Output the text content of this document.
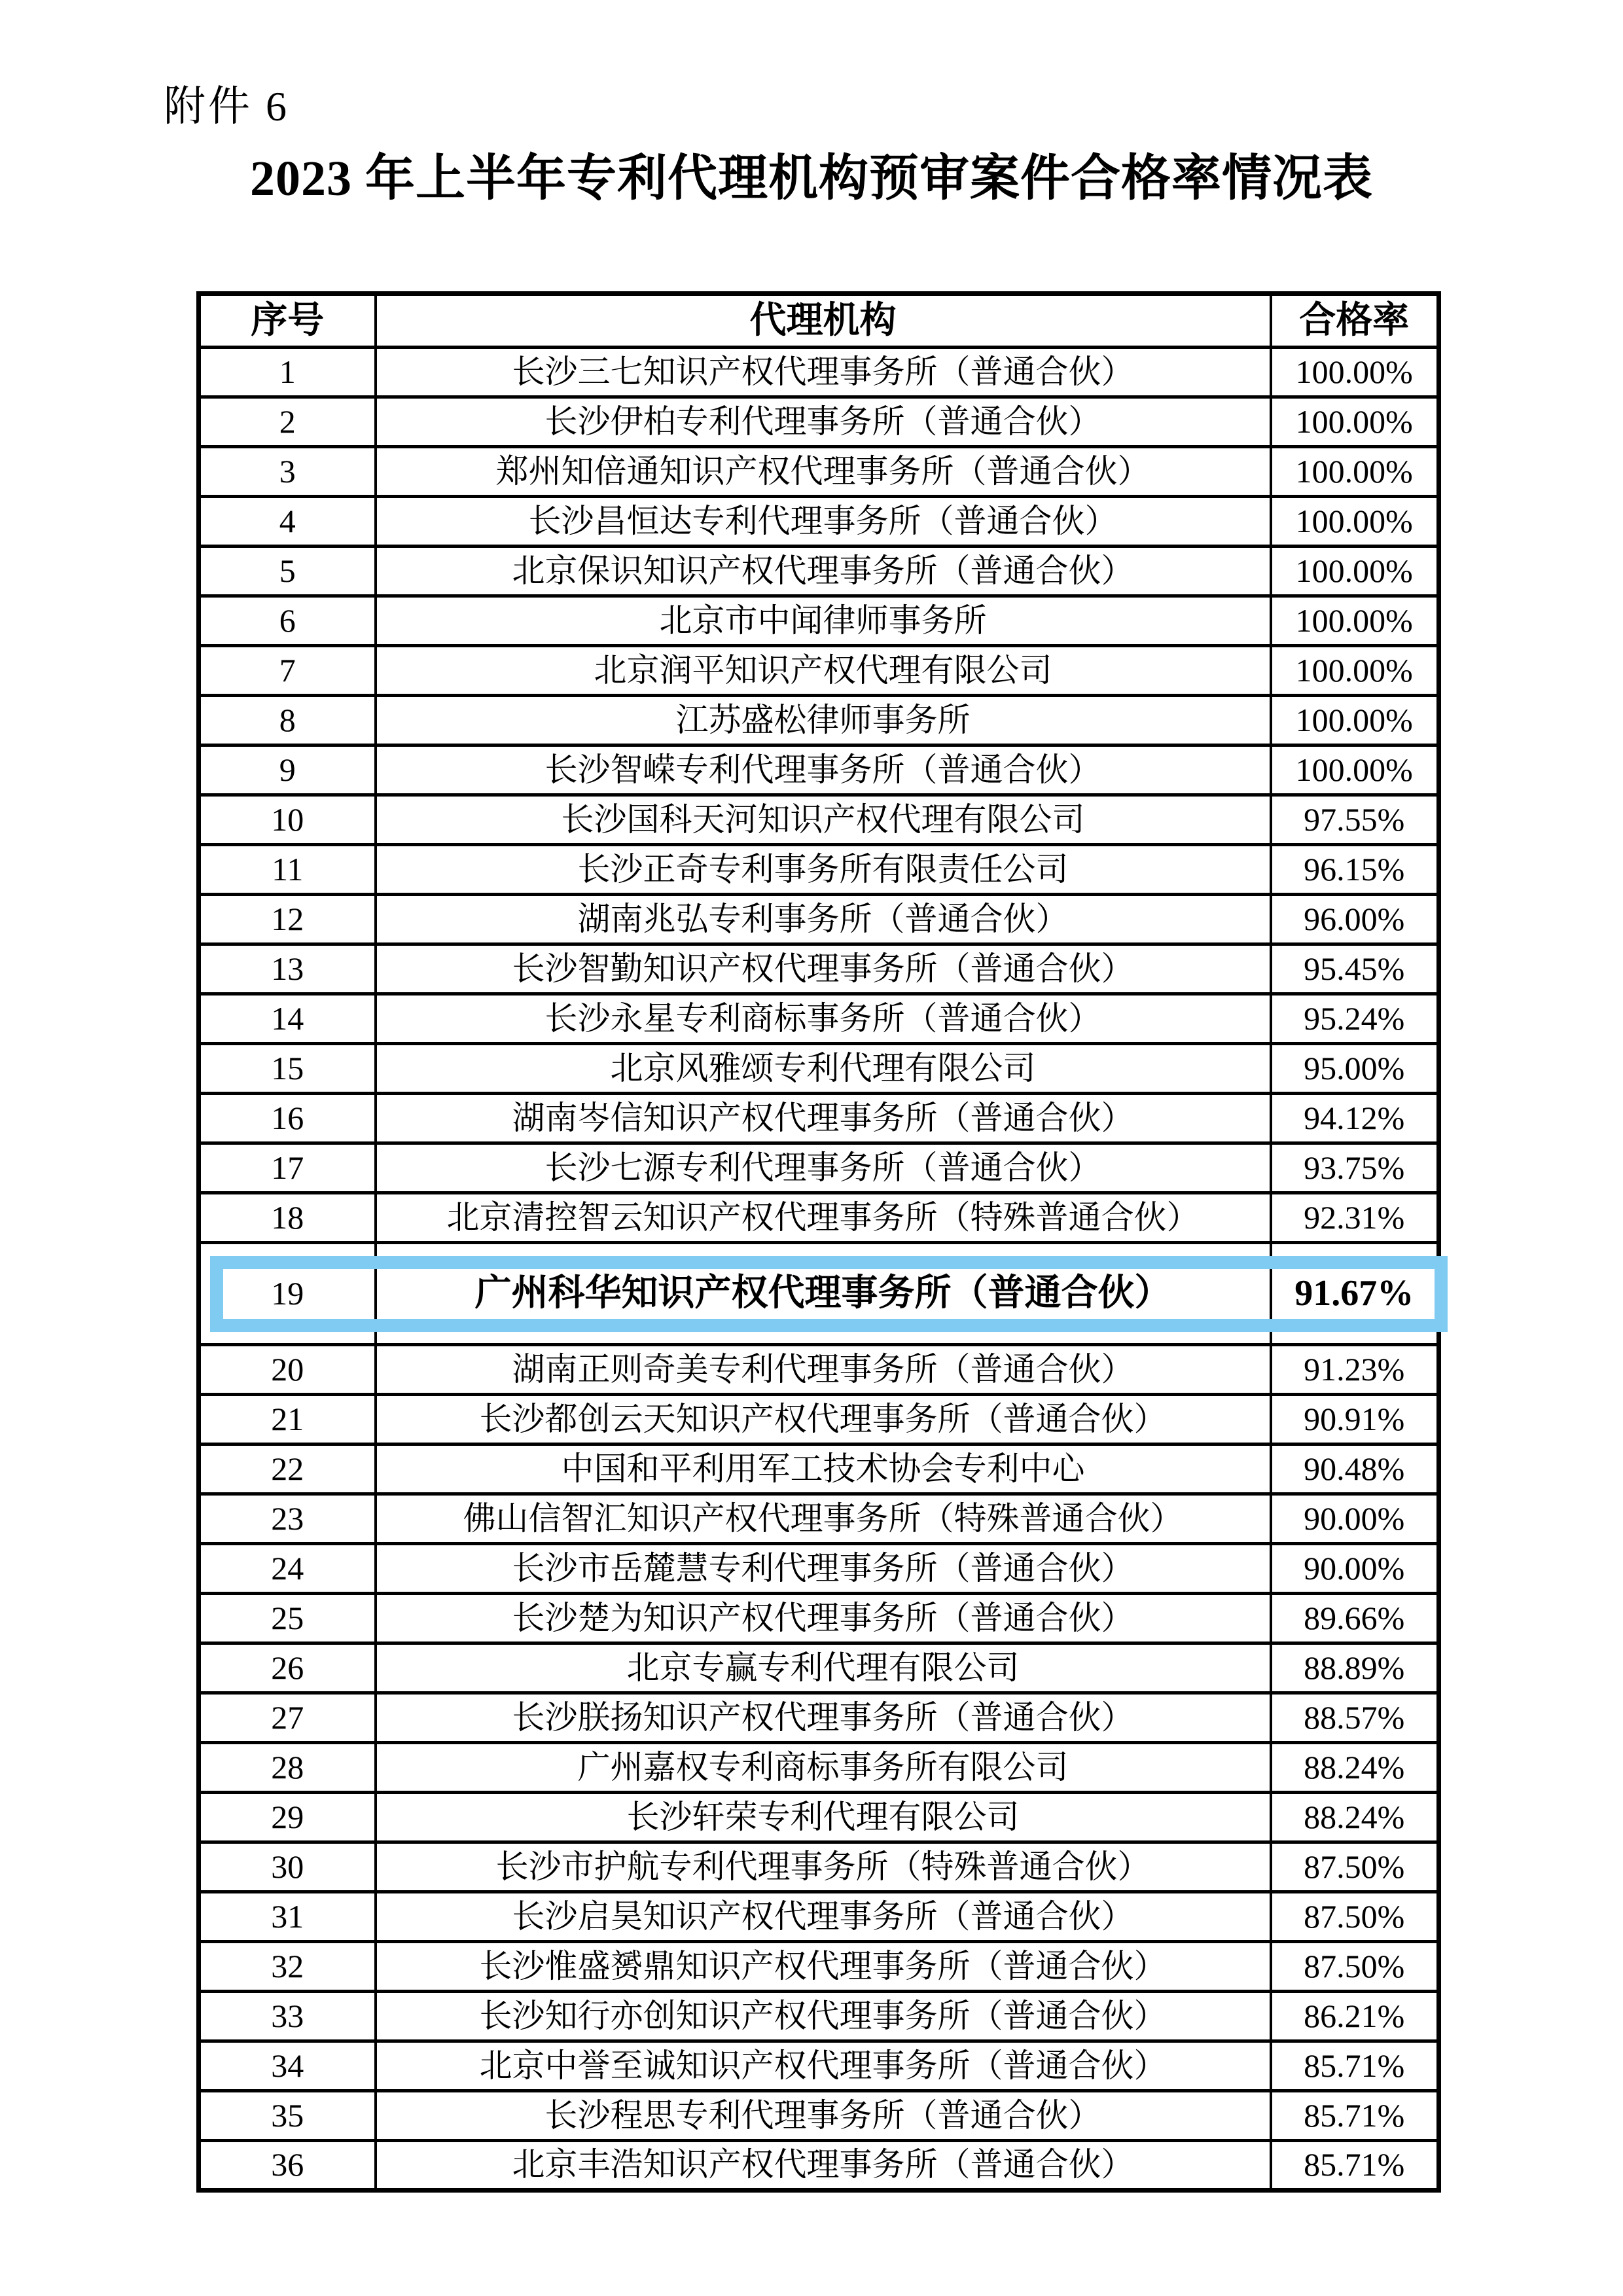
附件 6
2023 年上半年专利代理机构预审案件合格率情况表
序号	代理机构	合格率
1	长沙三七知识产权代理事务所（普通合伙）	100.00%
2	长沙伊柏专利代理事务所（普通合伙）	100.00%
3	郑州知倍通知识产权代理事务所（普通合伙）	100.00%
4	长沙昌恒达专利代理事务所（普通合伙）	100.00%
5	北京保识知识产权代理事务所（普通合伙）	100.00%
6	北京市中闻律师事务所	100.00%
7	北京润平知识产权代理有限公司	100.00%
8	江苏盛松律师事务所	100.00%
9	长沙智嵘专利代理事务所（普通合伙）	100.00%
10	长沙国科天河知识产权代理有限公司	97.55%
11	长沙正奇专利事务所有限责任公司	96.15%
12	湖南兆弘专利事务所（普通合伙）	96.00%
13	长沙智勤知识产权代理事务所（普通合伙）	95.45%
14	长沙永星专利商标事务所（普通合伙）	95.24%
15	北京风雅颂专利代理有限公司	95.00%
16	湖南岑信知识产权代理事务所（普通合伙）	94.12%
17	长沙七源专利代理事务所（普通合伙）	93.75%
18	北京清控智云知识产权代理事务所（特殊普通合伙）	92.31%
19	广州科华知识产权代理事务所（普通合伙）	91.67%
20	湖南正则奇美专利代理事务所（普通合伙）	91.23%
21	长沙都创云天知识产权代理事务所（普通合伙）	90.91%
22	中国和平利用军工技术协会专利中心	90.48%
23	佛山信智汇知识产权代理事务所（特殊普通合伙）	90.00%
24	长沙市岳麓慧专利代理事务所（普通合伙）	90.00%
25	长沙楚为知识产权代理事务所（普通合伙）	89.66%
26	北京专赢专利代理有限公司	88.89%
27	长沙朕扬知识产权代理事务所（普通合伙）	88.57%
28	广州嘉权专利商标事务所有限公司	88.24%
29	长沙轩荣专利代理有限公司	88.24%
30	长沙市护航专利代理事务所（特殊普通合伙）	87.50%
31	长沙启昊知识产权代理事务所（普通合伙）	87.50%
32	长沙惟盛赟鼎知识产权代理事务所（普通合伙）	87.50%
33	长沙知行亦创知识产权代理事务所（普通合伙）	86.21%
34	北京中誉至诚知识产权代理事务所（普通合伙）	85.71%
35	长沙程思专利代理事务所（普通合伙）	85.71%
36	北京丰浩知识产权代理事务所（普通合伙）	85.71%
